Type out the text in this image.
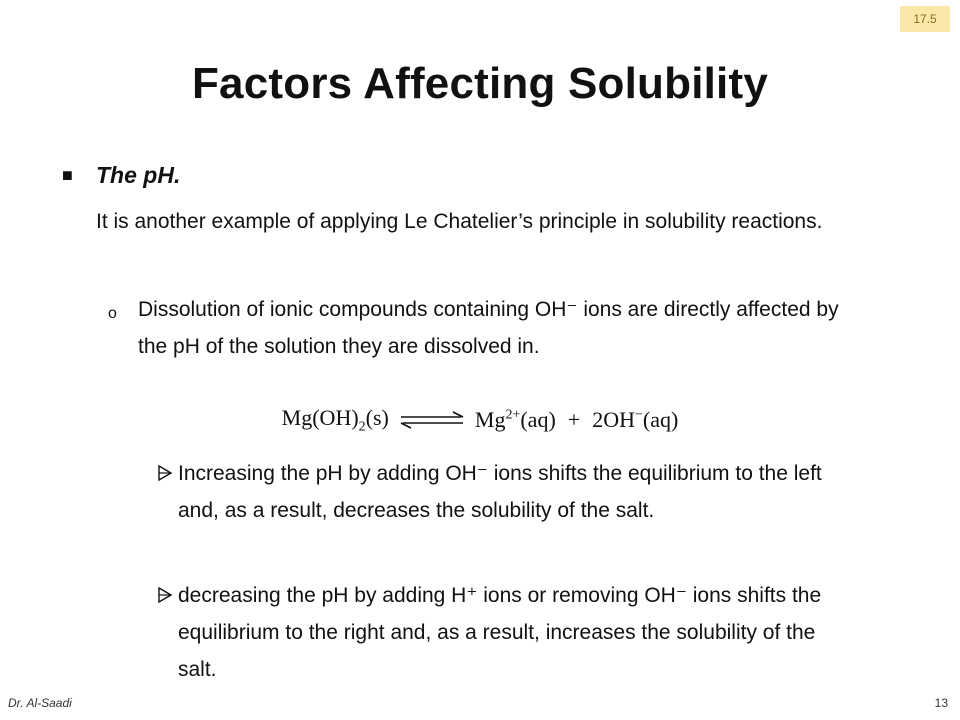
17.5
Factors Affecting Solubility
■ The pH.
It is another example of applying Le Chatelier’s principle in solubility reactions.
o Dissolution of ionic compounds containing OH⁻ ions are directly affected by the pH of the solution they are dissolved in.
$Mg(OH)_2(s)$ ⇌ $Mg^{2+}(aq) + 2OH^-(aq)$
Increasing the pH by adding OH⁻ ions shifts the equilibrium to the left and, as a result, decreases the solubility of the salt.
decreasing the pH by adding H⁺ ions or removing OH⁻ ions shifts the equilibrium to the right and, as a result, increases the solubility of the salt.
Dr. Al-Saadi	13
